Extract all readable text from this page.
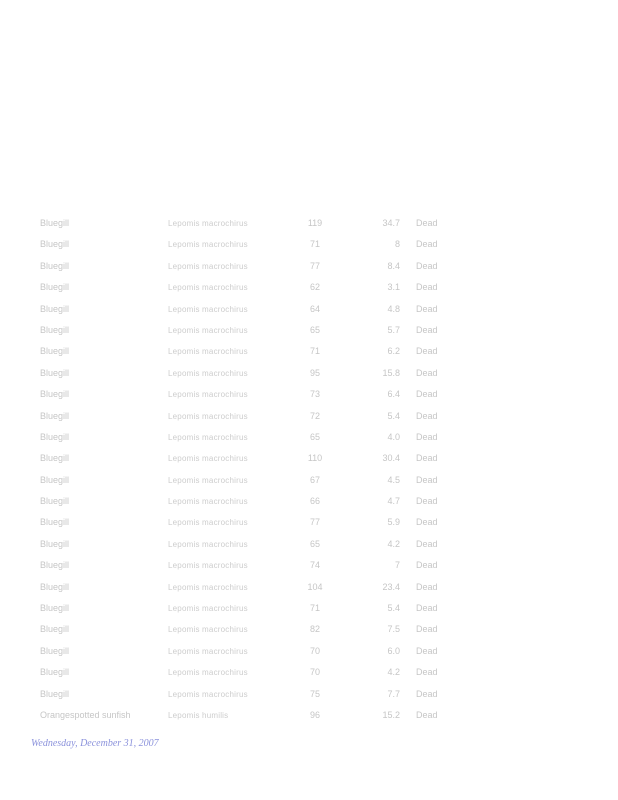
Bluegill	Lepomis macrochirus	119	34.7 Dead
Bluegill	Lepomis macrochirus	71	8 Dead
Bluegill	Lepomis macrochirus	77	8.4 Dead
Bluegill	Lepomis macrochirus	62	3.1 Dead
Bluegill	Lepomis macrochirus	64	4.8 Dead
Bluegill	Lepomis macrochirus	65	5.7 Dead
Bluegill	Lepomis macrochirus	71	6.2 Dead
Bluegill	Lepomis macrochirus	95	15.8 Dead
Bluegill	Lepomis macrochirus	73	6.4 Dead
Bluegill	Lepomis macrochirus	72	5.4 Dead
Bluegill	Lepomis macrochirus	65	4.0 Dead
Bluegill	Lepomis macrochirus	110	30.4 Dead
Bluegill	Lepomis macrochirus	67	4.5 Dead
Bluegill	Lepomis macrochirus	66	4.7 Dead
Bluegill	Lepomis macrochirus	77	5.9 Dead
Bluegill	Lepomis macrochirus	65	4.2 Dead
Bluegill	Lepomis macrochirus	74	7 Dead
Bluegill	Lepomis macrochirus	104	23.4 Dead
Bluegill	Lepomis macrochirus	71	5.4 Dead
Bluegill	Lepomis macrochirus	82	7.5 Dead
Bluegill	Lepomis macrochirus	70	6.0 Dead
Bluegill	Lepomis macrochirus	70	4.2 Dead
Bluegill	Lepomis macrochirus	75	7.7 Dead
Orangespotted sunfish	Lepomis humilis	96	15.2 Dead
Wednesday, December 31, 2007
